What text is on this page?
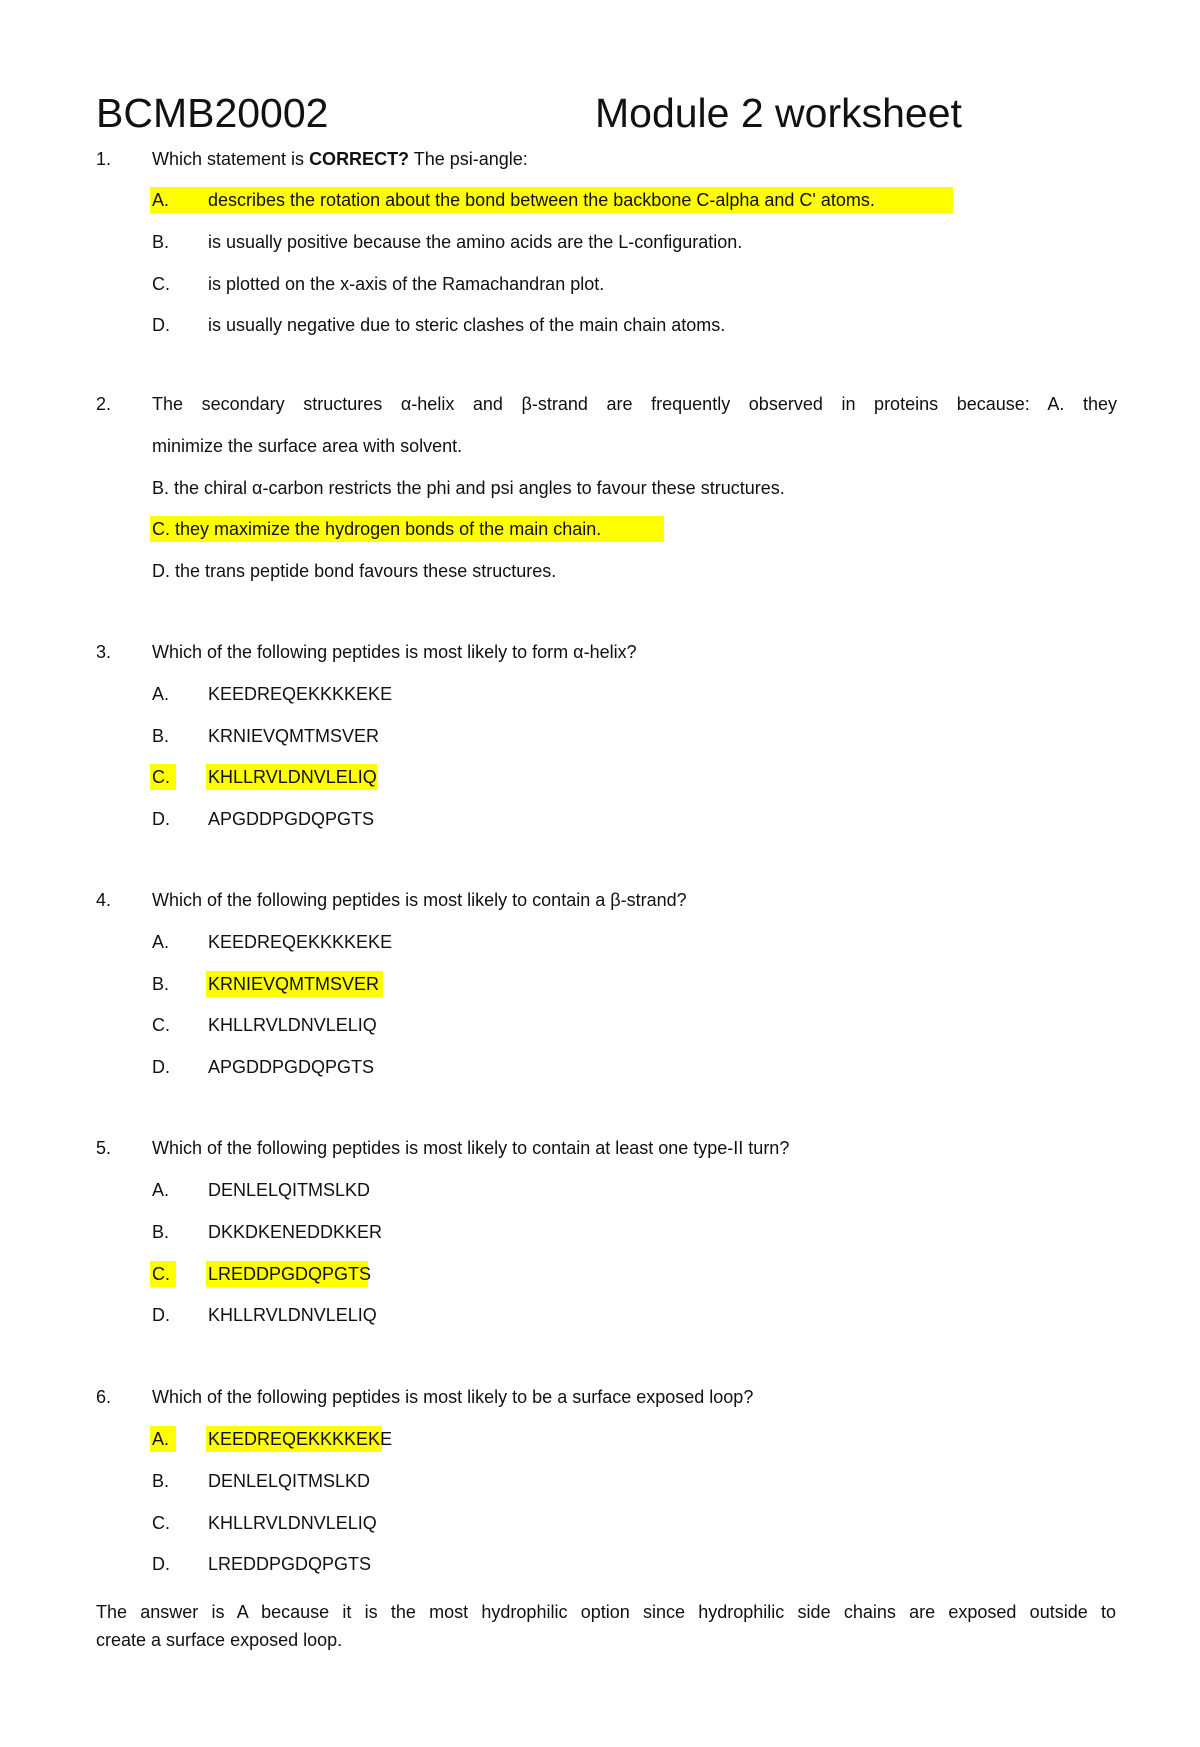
BCMB20002	Module 2 worksheet
1. Which statement is CORRECT? The psi-angle:
A. describes the rotation about the bond between the backbone C-alpha and C' atoms.
B. is usually positive because the amino acids are the L-configuration.
C. is plotted on the x-axis of the Ramachandran plot.
D. is usually negative due to steric clashes of the main chain atoms.
2. The secondary structures α-helix and β-strand are frequently observed in proteins because: A. they
minimize the surface area with solvent.
B. the chiral α-carbon restricts the phi and psi angles to favour these structures.
C. they maximize the hydrogen bonds of the main chain.
D. the trans peptide bond favours these structures.
3. Which of the following peptides is most likely to form α-helix?
A. KEEDREQEKKKKEKE
B. KRNIEVQMTMSVER
C. KHLLRVLDNVLELIQ
D. APGDDPGDQPGTS
4. Which of the following peptides is most likely to contain a β-strand?
A. KEEDREQEKKKKEKE
B. KRNIEVQMTMSVER
C. KHLLRVLDNVLELIQ
D. APGDDPGDQPGTS
5. Which of the following peptides is most likely to contain at least one type-II turn?
A. DENLELQITMSLKD
B. DKKDKENEDDKKER
C. LREDDPGDQPGTS
D. KHLLRVLDNVLELIQ
6. Which of the following peptides is most likely to be a surface exposed loop?
A. KEEDREQEKKKKEKE
B. DENLELQITMSLKD
C. KHLLRVLDNVLELIQ
D. LREDDPGDQPGTS
The answer is A because it is the most hydrophilic option since hydrophilic side chains are exposed outside to
create a surface exposed loop.
